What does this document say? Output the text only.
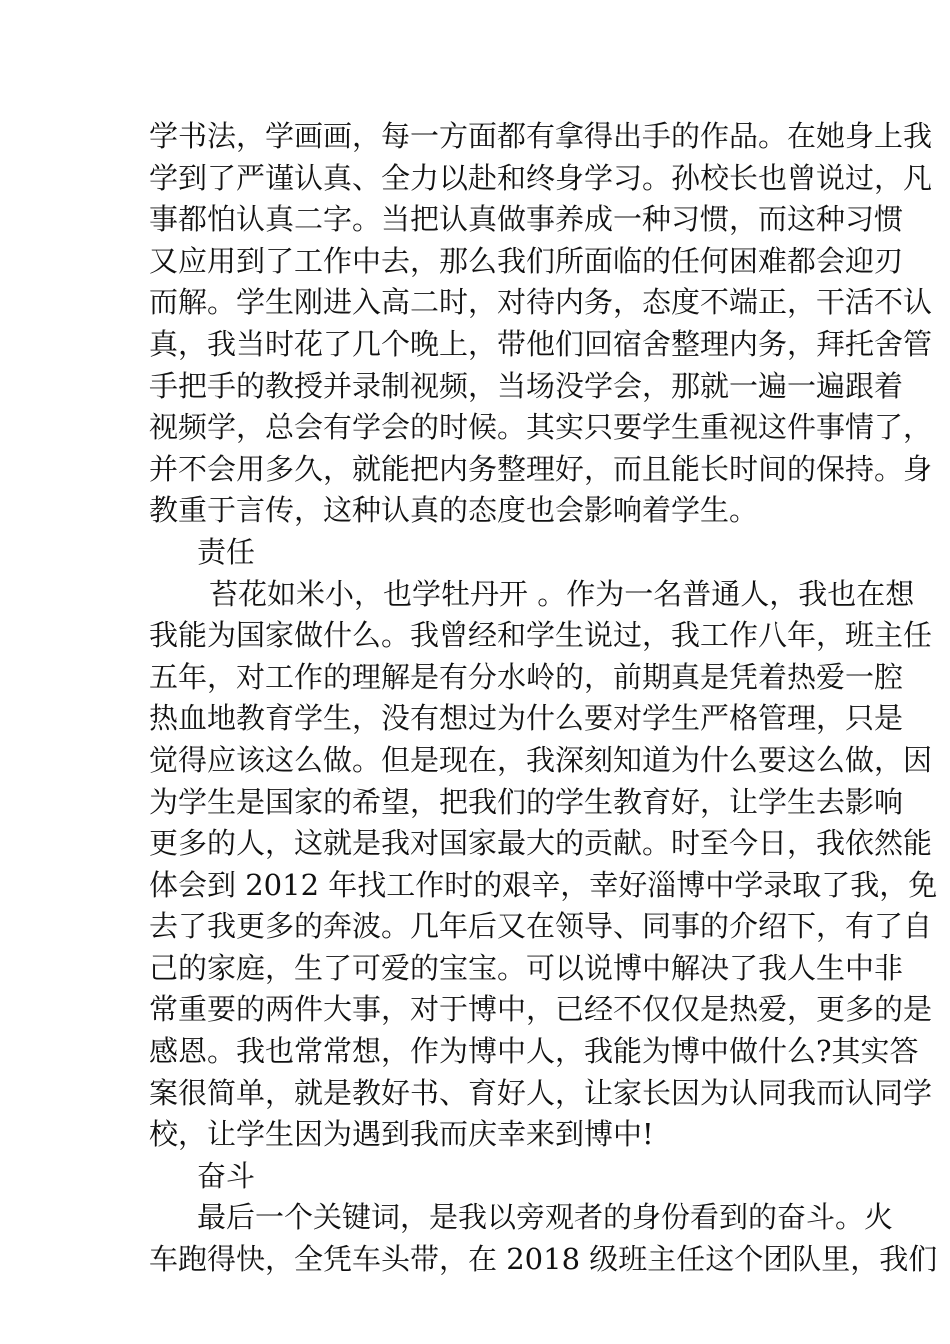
学书法，学画画，每一方面都有拿得出手的作品。在她身上我
学到了严谨认真、全力以赴和终身学习。孙校长也曾说过，凡
事都怕认真二字。当把认真做事养成一种习惯，而这种习惯
又应用到了工作中去，那么我们所面临的任何困难都会迎刃
而解。学生刚进入高二时，对待内务，态度不端正，干活不认
真，我当时花了几个晚上，带他们回宿舍整理内务，拜托舍管
手把手的教授并录制视频，当场没学会，那就一遍一遍跟着
视频学，总会有学会的时候。其实只要学生重视这件事情了，
并不会用多久，就能把内务整理好，而且能长时间的保持。身
教重于言传，这种认真的态度也会影响着学生。
责任
苔花如米小，也学牡丹开 。作为一名普通人，我也在想
我能为国家做什么。我曾经和学生说过，我工作八年，班主任
五年，对工作的理解是有分水岭的，前期真是凭着热爱一腔
热血地教育学生，没有想过为什么要对学生严格管理，只是
觉得应该这么做。但是现在，我深刻知道为什么要这么做，因
为学生是国家的希望，把我们的学生教育好，让学生去影响
更多的人，这就是我对国家最大的贡献。时至今日，我依然能
体会到 2012 年找工作时的艰辛，幸好淄博中学录取了我，免
去了我更多的奔波。几年后又在领导、同事的介绍下，有了自
己的家庭，生了可爱的宝宝。可以说博中解决了我人生中非
常重要的两件大事，对于博中，已经不仅仅是热爱，更多的是
感恩。我也常常想，作为博中人，我能为博中做什么?其实答
案很简单，就是教好书、育好人，让家长因为认同我而认同学
校，让学生因为遇到我而庆幸来到博中!
奋斗
最后一个关键词，是我以旁观者的身份看到的奋斗。火
车跑得快，全凭车头带，在 2018 级班主任这个团队里，我们
